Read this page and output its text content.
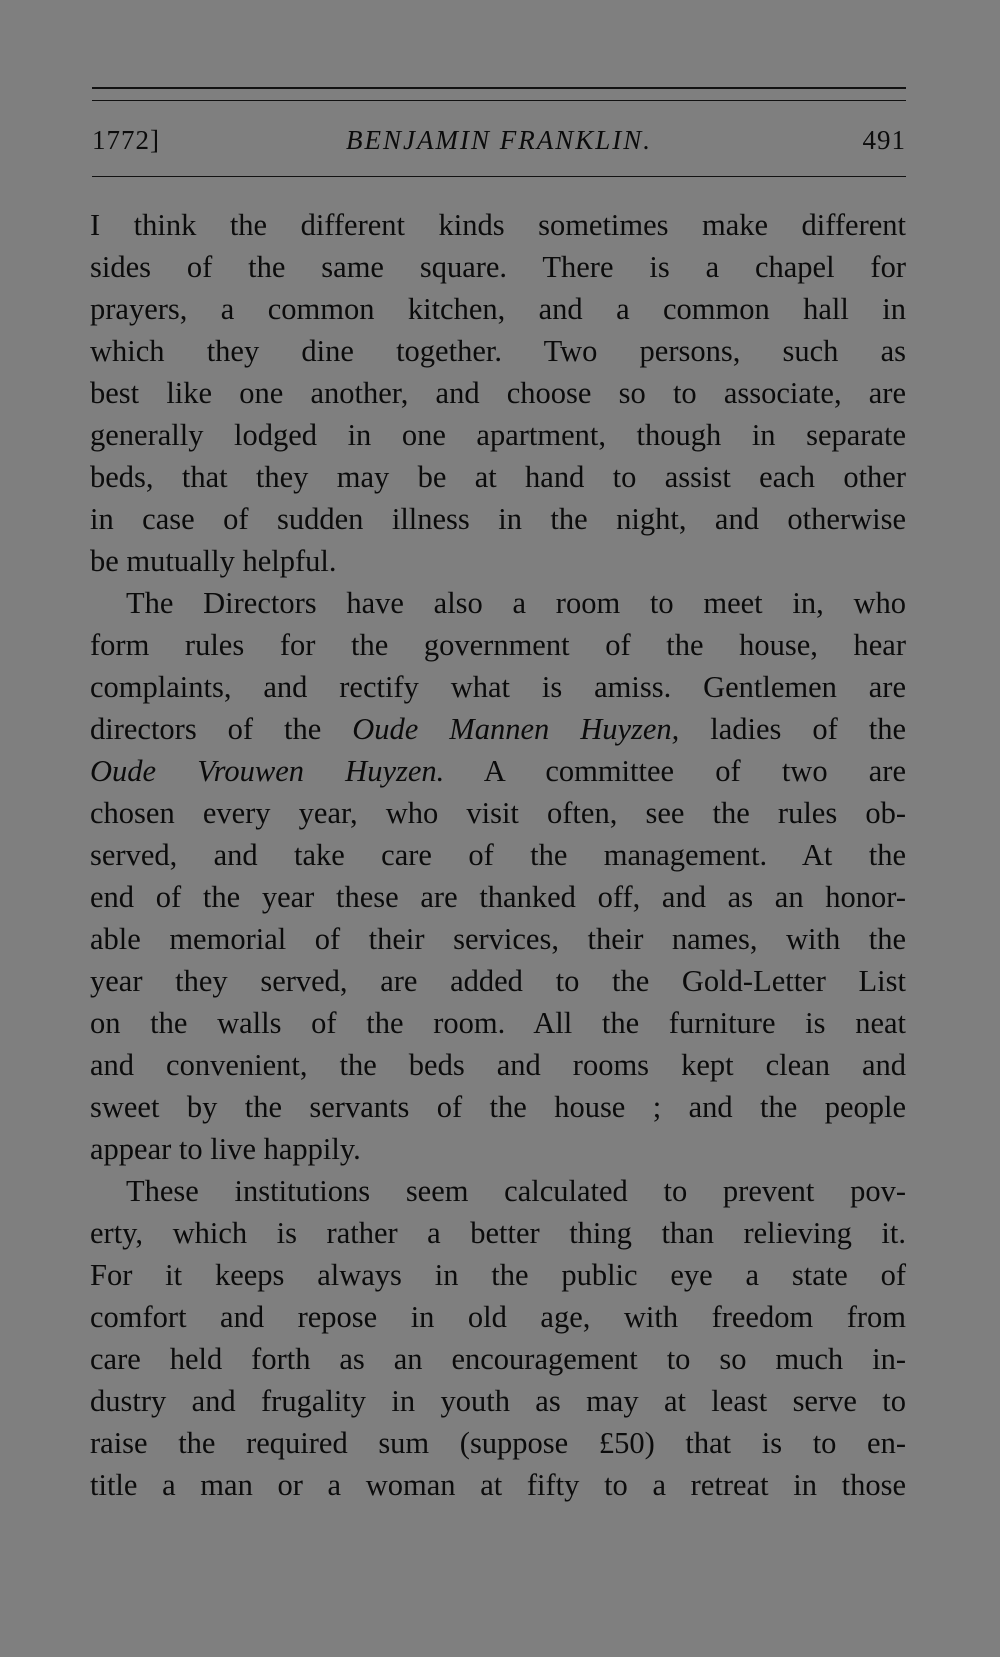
1772]	BENJAMIN FRANKLIN.	491
I think the different kinds sometimes make different
sides of the same square. There is a chapel for
prayers, a common kitchen, and a common hall in
which they dine together. Two persons, such as
best like one another, and choose so to associate, are
generally lodged in one apartment, though in separate
beds, that they may be at hand to assist each other
in case of sudden illness in the night, and otherwise
be mutually helpful.
The Directors have also a room to meet in, who
form rules for the government of the house, hear
complaints, and rectify what is amiss. Gentlemen are
directors of the Oude Mannen Huyzen, ladies of the
Oude Vrouwen Huyzen. A committee of two are
chosen every year, who visit often, see the rules ob-
served, and take care of the management. At the
end of the year these are thanked off, and as an honor-
able memorial of their services, their names, with the
year they served, are added to the Gold-Letter List
on the walls of the room. All the furniture is neat
and convenient, the beds and rooms kept clean and
sweet by the servants of the house ; and the people
appear to live happily.
These institutions seem calculated to prevent pov-
erty, which is rather a better thing than relieving it.
For it keeps always in the public eye a state of
comfort and repose in old age, with freedom from
care held forth as an encouragement to so much in-
dustry and frugality in youth as may at least serve to
raise the required sum (suppose £50) that is to en-
title a man or a woman at fifty to a retreat in those
